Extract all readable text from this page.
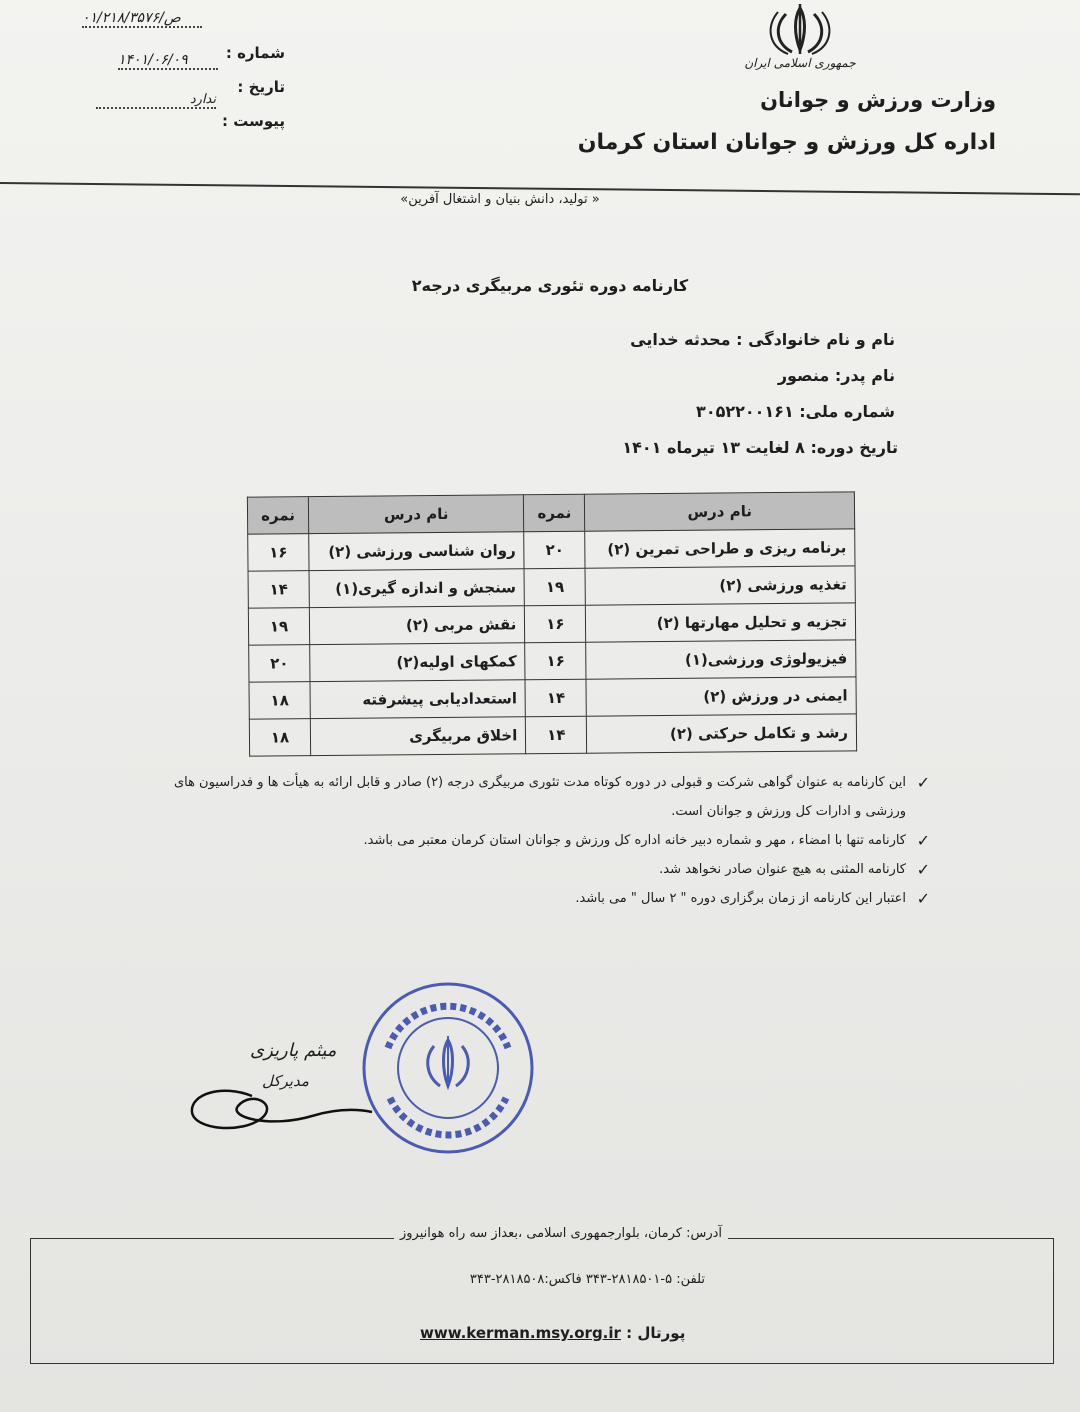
جمهوری اسلامی ایران
وزارت ورزش و جوانان
اداره کل ورزش و جوانان استان کرمان
شماره :
۰۱/۲۱۸/۳۵۷۶/ص
تاریخ :
۱۴۰۱/۰۶/۰۹
پیوست :
ندارد
« تولید، دانش بنیان و اشتغال آفرین»
کارنامه دوره تئوری مربیگری درجه۲
نام و نام خانوادگی : محدثه خدایی
نام پدر: منصور
شماره ملی: ۳۰۵۲۲۰۰۱۶۱
تاریخ دوره: ۸ لغایت ۱۳ تیرماه ۱۴۰۱
نام درس	نمره	نام درس	نمره
برنامه ریزی و طراحی تمرین (۲)	۲۰	روان شناسی ورزشی (۲)	۱۶
تغذیه ورزشی (۲)	۱۹	سنجش و اندازه گیری(۱)	۱۴
تجزیه و تحلیل مهارتها (۲)	۱۶	نقش مربی (۲)	۱۹
فیزیولوژی ورزشی(۱)	۱۶	کمکهای اولیه(۲)	۲۰
ایمنی در ورزش (۲)	۱۴	استعدادیابی پیشرفته	۱۸
رشد و تکامل حرکتی (۲)	۱۴	اخلاق مربیگری	۱۸
✓
این کارنامه به عنوان گواهی شرکت و قبولی در دوره کوتاه مدت تئوری مربیگری درجه (۲) صادر و قابل ارائه به هیأت ها و فدراسیون های ورزشی و ادارات کل ورزش و جوانان است.
✓
کارنامه تنها با امضاء ، مهر و شماره دبیر خانه اداره کل ورزش و جوانان استان کرمان معتبر می باشد.
✓
کارنامه المثنی به هیچ عنوان صادر نخواهد شد.
✓
اعتبار این کارنامه از زمان برگزاری دوره " ۲ سال " می باشد.
میثم پاریزی
مدیرکل
آدرس: کرمان، بلوارجمهوری اسلامی ،بعداز سه راه هوانیروز
تلفن: ۵-۲۸۱۸۵۰۱-۳۴۳ فاکس:۲۸۱۸۵۰۸-۳۴۳
www.kerman.msy.org.ir پورتال :
